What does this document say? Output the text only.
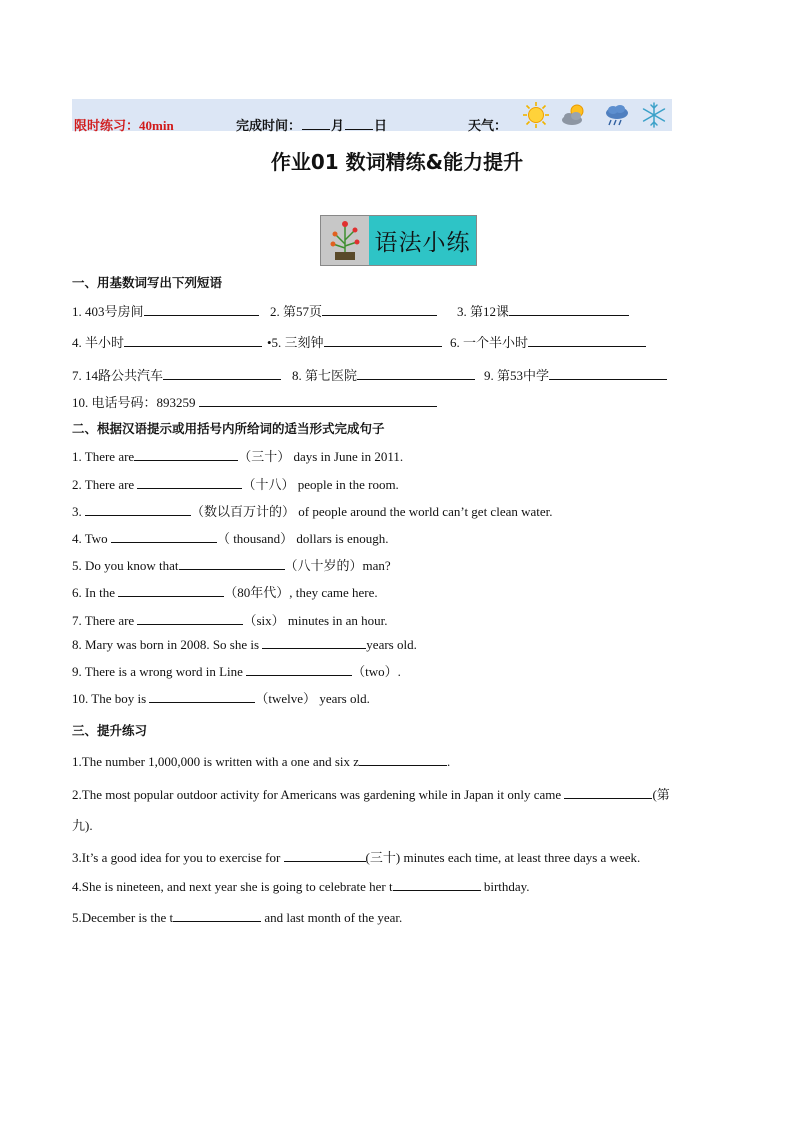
限时练习：40min	完成时间： 月 日	天气：
作业01 数词精练&能力提升
语法小练
一、用基数词写出下列短语
1. 403号房间	2. 第57页	3. 第12课
4. 半小时	•5. 三刻钟	6. 一个半小时
7. 14路公共汽车	8. 第七医院	9. 第53中学
10. 电话号码：893259
二、根据汉语提示或用括号内所给词的适当形式完成句子
1. There are	（三十） days in June in 2011.
2. There are	（十八） people in the room.
3.	（数以百万计的） of people around the world can’t get clean water.
4. Two	（ thousand） dollars is enough.
5. Do you know that	（八十岁的）man?
6. In the	（80年代）, they came here.
7. There are	（six） minutes in an hour.
8. Mary was born in 2008. So she is	years old.
9. There is a wrong word in Line	（two）.
10. The boy is	（twelve） years old.
三、提升练习
1.The number 1,000,000 is written with a one and six z	.
2.The most popular outdoor activity for Americans was gardening while in Japan it only came	(第
九).
3.It’s a good idea for you to exercise for	(三十) minutes each time, at least three days a week.
4.She is nineteen, and next year she is going to celebrate her t	birthday.
5.December is the t	and last month of the year.
